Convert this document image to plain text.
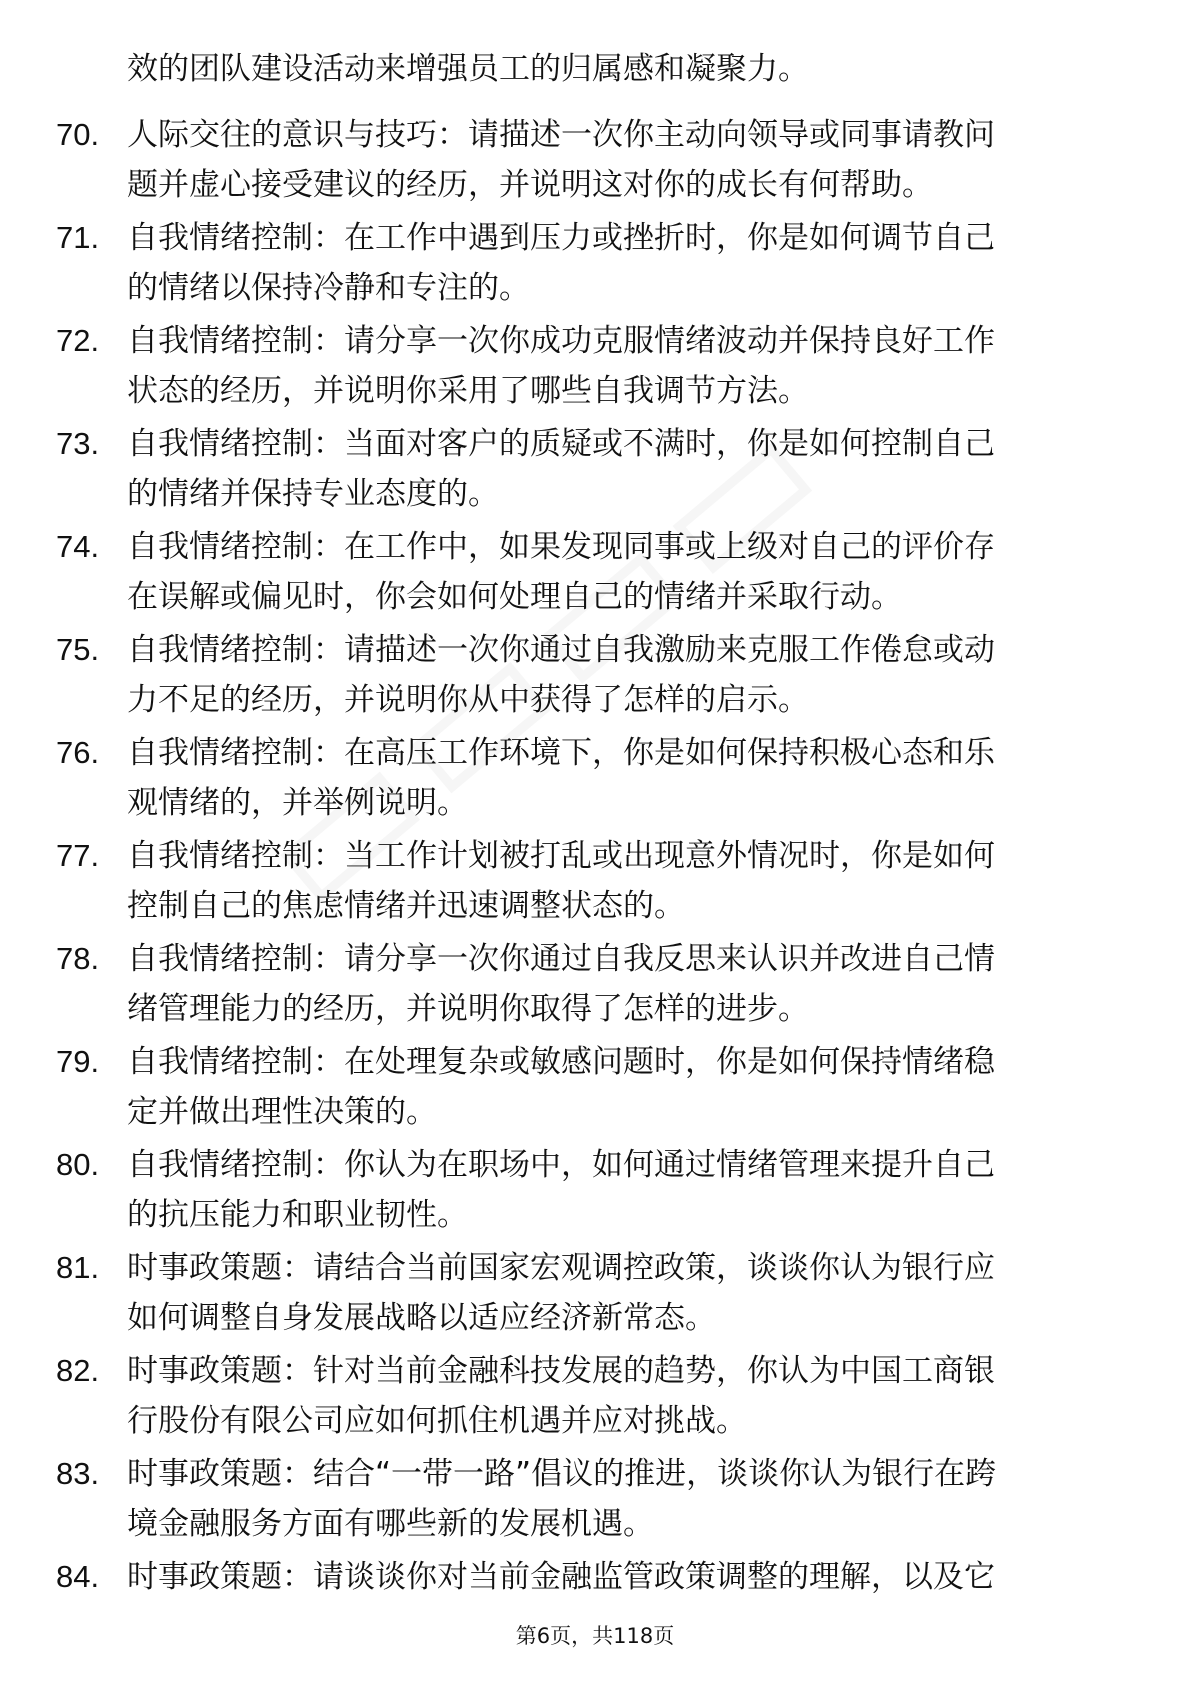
效的团队建设活动来增强员工的归属感和凝聚力。
70. 人际交往的意识与技巧：请描述一次你主动向领导或同事请教问
题并虚心接受建议的经历，并说明这对你的成长有何帮助。
71. 自我情绪控制：在工作中遇到压力或挫折时，你是如何调节自己
的情绪以保持冷静和专注的。
72. 自我情绪控制：请分享一次你成功克服情绪波动并保持良好工作
状态的经历，并说明你采用了哪些自我调节方法。
73. 自我情绪控制：当面对客户的质疑或不满时，你是如何控制自己
的情绪并保持专业态度的。
74. 自我情绪控制：在工作中，如果发现同事或上级对自己的评价存
在误解或偏见时，你会如何处理自己的情绪并采取行动。
75. 自我情绪控制：请描述一次你通过自我激励来克服工作倦怠或动
力不足的经历，并说明你从中获得了怎样的启示。
76. 自我情绪控制：在高压工作环境下，你是如何保持积极心态和乐
观情绪的，并举例说明。
77. 自我情绪控制：当工作计划被打乱或出现意外情况时，你是如何
控制自己的焦虑情绪并迅速调整状态的。
78. 自我情绪控制：请分享一次你通过自我反思来认识并改进自己情
绪管理能力的经历，并说明你取得了怎样的进步。
79. 自我情绪控制：在处理复杂或敏感问题时，你是如何保持情绪稳
定并做出理性决策的。
80. 自我情绪控制：你认为在职场中，如何通过情绪管理来提升自己
的抗压能力和职业韧性。
81. 时事政策题：请结合当前国家宏观调控政策，谈谈你认为银行应
如何调整自身发展战略以适应经济新常态。
82. 时事政策题：针对当前金融科技发展的趋势，你认为中国工商银
行股份有限公司应如何抓住机遇并应对挑战。
83. 时事政策题：结合“一带一路”倡议的推进，谈谈你认为银行在跨
境金融服务方面有哪些新的发展机遇。
84. 时事政策题：请谈谈你对当前金融监管政策调整的理解，以及它
第6页，共118页
